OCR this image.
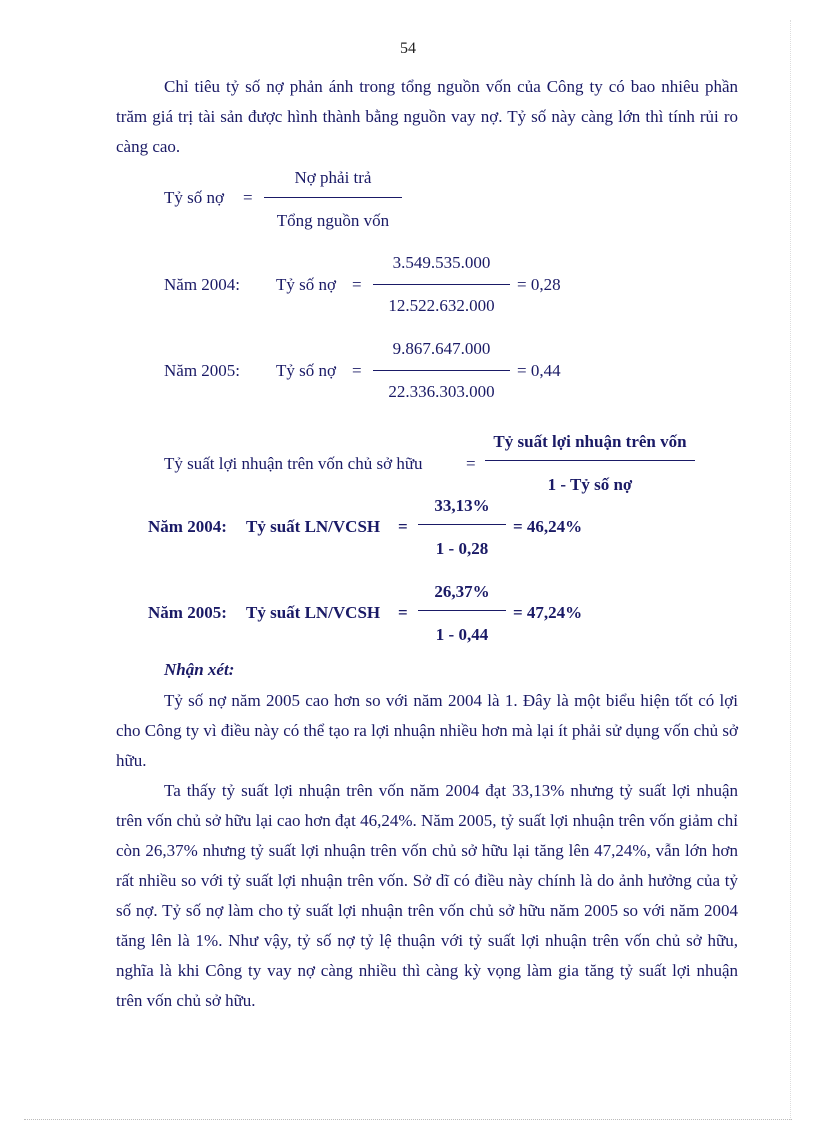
54

Chỉ tiêu tỷ số nợ phản ánh trong tổng nguồn vốn của Công ty có bao nhiêu phần trăm giá trị tài sản được hình thành bằng nguồn vay nợ. Tỷ số này càng lớn thì tính rủi ro càng cao.

Tỷ số nợ =
Nợ phải trả
Tổng nguồn vốn
Năm 2004: Tỷ số nợ =
3.549.535.000
12.522.632.000
= 0,28
Năm 2005: Tỷ số nợ =
9.867.647.000
22.336.303.000
= 0,44
Tỷ suất lợi nhuận trên vốn chủ sở hữu	=
Tỷ suất lợi nhuận trên vốn
1 - Tỷ số nợ
Năm 2004: Tỷ suất LN/VCSH =
33,13%
1 - 0,28
= 46,24%
Năm 2005: Tỷ suất LN/VCSH =
26,37%
1 - 0,44
= 47,24%
Nhận xét:

Tỷ số nợ năm 2005 cao hơn so với năm 2004 là 1. Đây là một biểu hiện tốt có lợi cho Công ty vì điều này có thể tạo ra lợi nhuận nhiều hơn mà lại ít phải sử dụng vốn chủ sở hữu.

Ta thấy tỷ suất lợi nhuận trên vốn năm 2004 đạt 33,13% nhưng tỷ suất lợi nhuận trên vốn chủ sở hữu lại cao hơn đạt 46,24%. Năm 2005, tỷ suất lợi nhuận trên vốn giảm chỉ còn 26,37% nhưng tỷ suất lợi nhuận trên vốn chủ sở hữu lại tăng lên 47,24%, vẫn lớn hơn rất nhiều so với tỷ suất lợi nhuận trên vốn. Sở dĩ có điều này chính là do ảnh hưởng của tỷ số nợ. Tỷ số nợ làm cho tỷ suất lợi nhuận trên vốn chủ sở hữu năm 2005 so với năm 2004 tăng lên là 1%. Như vậy, tỷ số nợ tỷ lệ thuận với tỷ suất lợi nhuận trên vốn chủ sở hữu, nghĩa là khi Công ty vay nợ càng nhiều thì càng kỳ vọng làm gia tăng tỷ suất lợi nhuận trên vốn chủ sở hữu.
